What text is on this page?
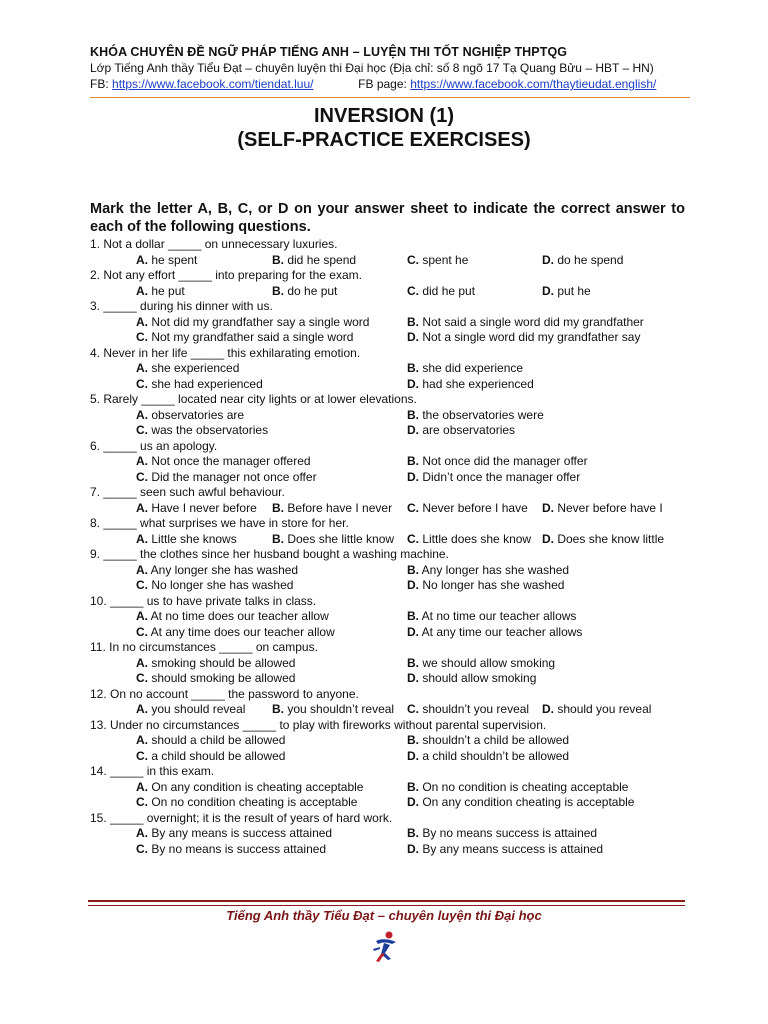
KHÓA CHUYÊN ĐỀ NGỮ PHÁP TIẾNG ANH – LUYỆN THI TỐT NGHIỆP THPTQG
Lớp Tiếng Anh thầy Tiểu Đạt – chuyên luyện thi Đại học (Địa chỉ: số 8 ngõ 17 Tạ Quang Bửu – HBT – HN)
FB: https://www.facebook.com/tiendat.luu/	FB page: https://www.facebook.com/thaytieudat.english/
INVERSION (1)
(SELF-PRACTICE EXERCISES)
Mark the letter A, B, C, or D on your answer sheet to indicate the correct answer to each of the following questions.
1. Not a dollar _____ on unnecessary luxuries.
A. he spent	B. did he spend	C. spent he	D. do he spend
2. Not any effort _____ into preparing for the exam.
A. he put	B. do he put	C. did he put	D. put he
3. _____ during his dinner with us.
A. Not did my grandfather say a single word	B. Not said a single word did my grandfather
C. Not my grandfather said a single word	D. Not a single word did my grandfather say
4. Never in her life _____ this exhilarating emotion.
A. she experienced	B. she did experience
C. she had experienced	D. had she experienced
5. Rarely _____ located near city lights or at lower elevations.
A. observatories are	B. the observatories were
C. was the observatories	D. are observatories
6. _____ us an apology.
A. Not once the manager offered	B. Not once did the manager offer
C. Did the manager not once offer	D. Didn’t once the manager offer
7. _____ seen such awful behaviour.
A. Have I never before B. Before have I never C. Never before I have D. Never before have I
8. _____ what surprises we have in store for her.
A. Little she knows	B. Does she little know C. Little does she know D. Does she know little
9. _____ the clothes since her husband bought a washing machine.
A. Any longer she has washed	B. Any longer has she washed
C. No longer she has washed	D. No longer has she washed
10. _____ us to have private talks in class.
A. At no time does our teacher allow	B. At no time our teacher allows
C. At any time does our teacher allow	D. At any time our teacher allows
11. In no circumstances _____ on campus.
A. smoking should be allowed	B. we should allow smoking
C. should smoking be allowed	D. should allow smoking
12. On no account _____ the password to anyone.
A. you should reveal B. you shouldn’t reveal C. shouldn’t you reveal D. should you reveal
13. Under no circumstances _____ to play with fireworks without parental supervision.
A. should a child be allowed	B. shouldn’t a child be allowed
C. a child should be allowed	D. a child shouldn’t be allowed
14. _____ in this exam.
A. On any condition is cheating acceptable	B. On no condition is cheating acceptable
C. On no condition cheating is acceptable	D. On any condition cheating is acceptable
15. _____ overnight; it is the result of years of hard work.
A. By any means is success attained	B. By no means success is attained
C. By no means is success attained	D. By any means success is attained
Tiếng Anh thầy Tiểu Đạt – chuyên luyện thi Đại học
